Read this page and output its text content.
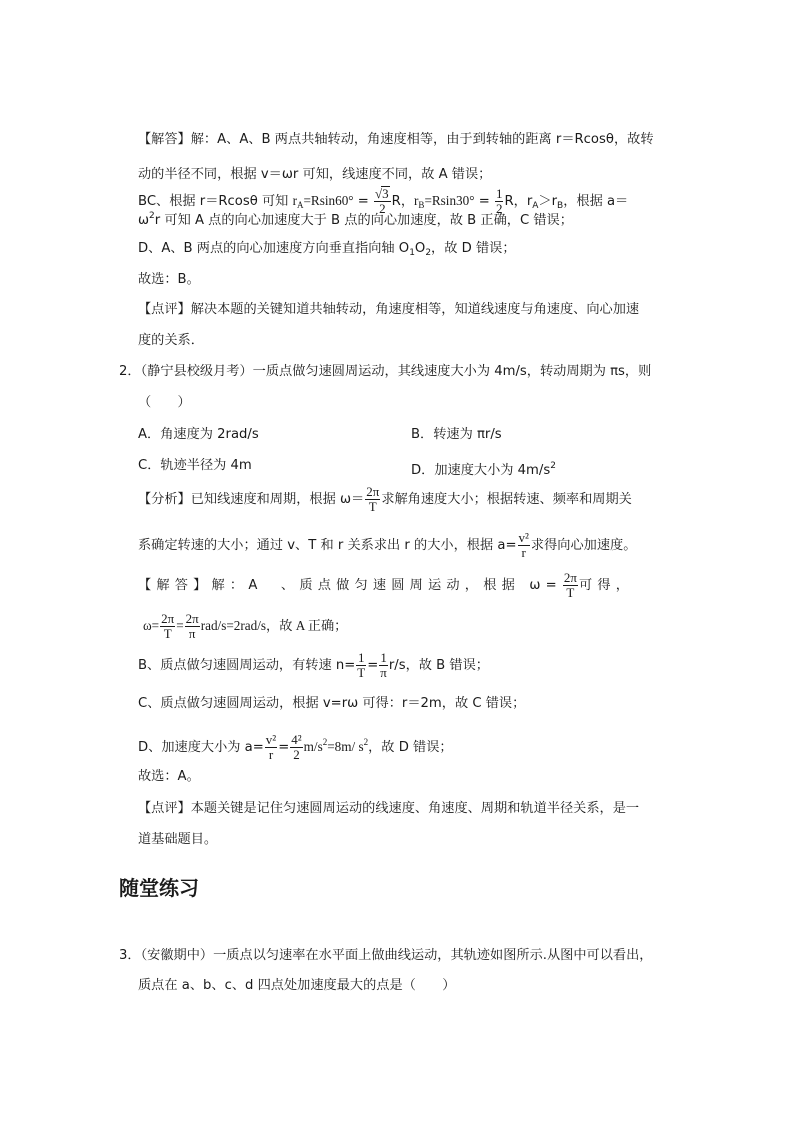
【解答】解：A、A、B 两点共轴转动，角速度相等，由于到转轴的距离 r＝Rcosθ，故转
动的半径不同，根据 v＝ωr 可知，线速度不同，故 A 错误；
BC、根据 r＝Rcosθ 可知 $r_A=Rsin60^\circ = \frac{√3}{2}$ R，$r_B=Rsin30^\circ = \frac{1}{2}$ R，$r_A>r_B$，根据 a＝
$\omega^2r$ 可知 A 点的向心加速度大于 B 点的向心加速度，故 B 正确，C 错误；
D、A、B 两点的向心加速度方向垂直指向轴 $O_1O_2$，故 D 错误；
故选：B。
【点评】解决本题的关键知道共轴转动，角速度相等，知道线速度与角速度、向心加速
度的关系．
2．（静宁县校级月考）一质点做匀速圆周运动，其线速度大小为 4m/s，转动周期为 πs，则
（　　）
A．角速度为 2rad/s	B．转速为 πr/s
C．轨迹半径为 4m	D．加速度大小为 $4m/s^2$
【分析】已知线速度和周期，根据 $\omega= \frac{2\pi}{T}$ 求解角速度大小；根据转速、频率和周期关
系确定转速的大小；通过 v、T 和 r 关系求出 r 的大小，根据 $a= \frac{\text{v²}}{r}$ 求得向心加速度。
【解答】解：A　、质点做匀速圆周运动，根据 $\omega= \frac{2\pi}{T}$ 可得，
$\omega= \frac{2\pi}{T} = \frac{2\pi}{\pi} rad/s=2rad/s$，故 A 正确；
B、质点做匀速圆周运动，有转速 $n= \frac{1}{T} = \frac{1}{\pi} r/s$，故 B 错误；
C、质点做匀速圆周运动，根据 v=rω 可得：r＝2m，故 C 错误；
D、加速度大小为 $a= \frac{\text{v²}}{r} = \frac{\text{4²}}{2} m/s^2=8m/$ $s^2$，故 D 错误；
故选：A。
【点评】本题关键是记住匀速圆周运动的线速度、角速度、周期和轨道半径关系，是一
道基础题目。
随堂练习
3．（安徽期中）一质点以匀速率在水平面上做曲线运动，其轨迹如图所示.从图中可以看出，
质点在 a、b、c、d 四点处加速度最大的点是（　　）
